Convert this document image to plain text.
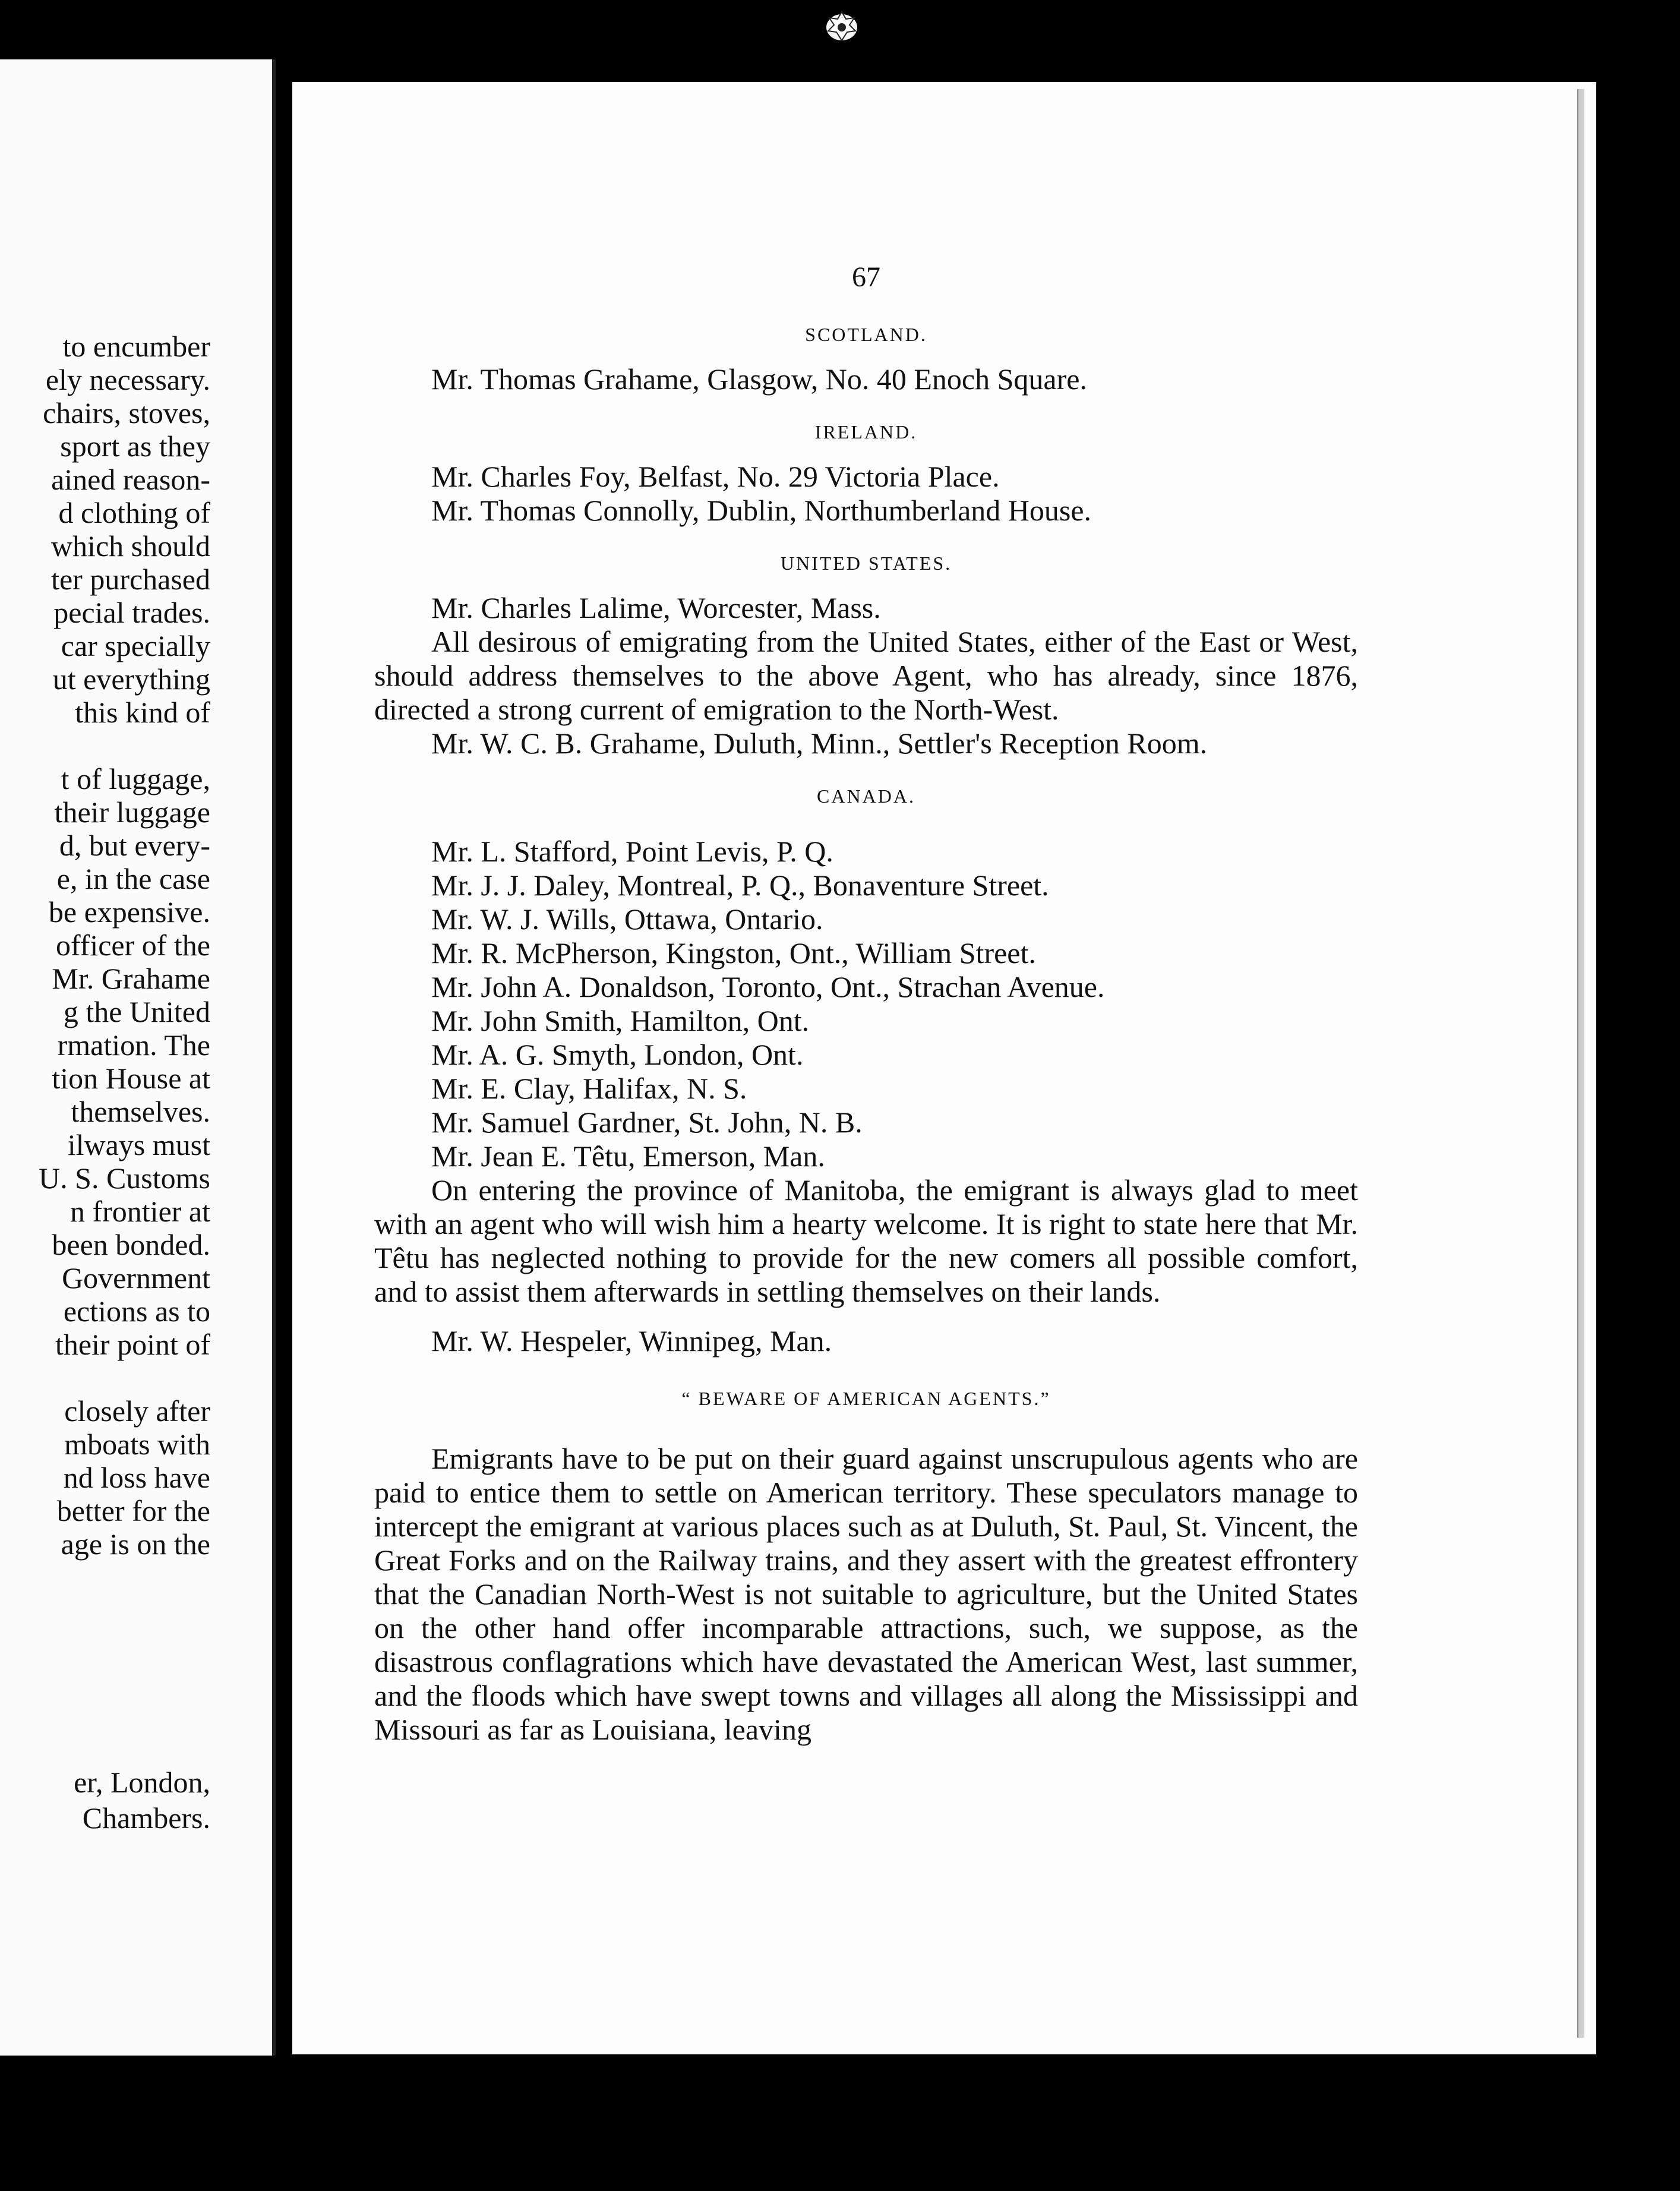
to encumber
ely necessary.
chairs, stoves,
sport as they
ained reason-
d clothing of
which should
ter purchased
pecial trades.
car specially
ut everything
this kind of
t of luggage,
their luggage
d, but every-
e, in the case
be expensive.
officer of the
Mr. Grahame
g the United
rmation. The
tion House at
themselves.
ilways must
U. S. Customs
n frontier at
been bonded.
Government
ections as to
their point of
closely after
mboats with
nd loss have
better for the
age is on the
er, London,
Chambers.
67
SCOTLAND.
Mr. Thomas Grahame, Glasgow, No. 40 Enoch Square.
IRELAND.
Mr. Charles Foy, Belfast, No. 29 Victoria Place.
Mr. Thomas Connolly, Dublin, Northumberland House.
UNITED STATES.
Mr. Charles Lalime, Worcester, Mass.

All desirous of emigrating from the United States, either of the East or West, should address themselves to the above Agent, who has already, since 1876, directed a strong current of emigration to the North-West.

Mr. W. C. B. Grahame, Duluth, Minn., Settler's Reception Room.

CANADA.
Mr. L. Stafford, Point Levis, P. Q.
Mr. J. J. Daley, Montreal, P. Q., Bonaventure Street.
Mr. W. J. Wills, Ottawa, Ontario.
Mr. R. McPherson, Kingston, Ont., William Street.
Mr. John A. Donaldson, Toronto, Ont., Strachan Avenue.
Mr. John Smith, Hamilton, Ont.
Mr. A. G. Smyth, London, Ont.
Mr. E. Clay, Halifax, N. S.
Mr. Samuel Gardner, St. John, N. B.
Mr. Jean E. Têtu, Emerson, Man.

On entering the province of Manitoba, the emigrant is always glad to meet with an agent who will wish him a hearty welcome. It is right to state here that Mr. Têtu has neglected nothing to provide for the new comers all possible comfort, and to assist them afterwards in settling themselves on their lands.

Mr. W. Hespeler, Winnipeg, Man.
“ BEWARE OF AMERICAN AGENTS.”

Emigrants have to be put on their guard against unscrupulous agents who are paid to entice them to settle on American territory. These speculators manage to intercept the emigrant at various places such as at Duluth, St. Paul, St. Vincent, the Great Forks and on the Railway trains, and they assert with the greatest effrontery that the Canadian North-West is not suitable to agriculture, but the United States on the other hand offer incomparable attractions, such, we suppose, as the disastrous conflagrations which have devastated the American West, last summer, and the floods which have swept towns and villages all along the Mississippi and Missouri as far as Louisiana, leaving
